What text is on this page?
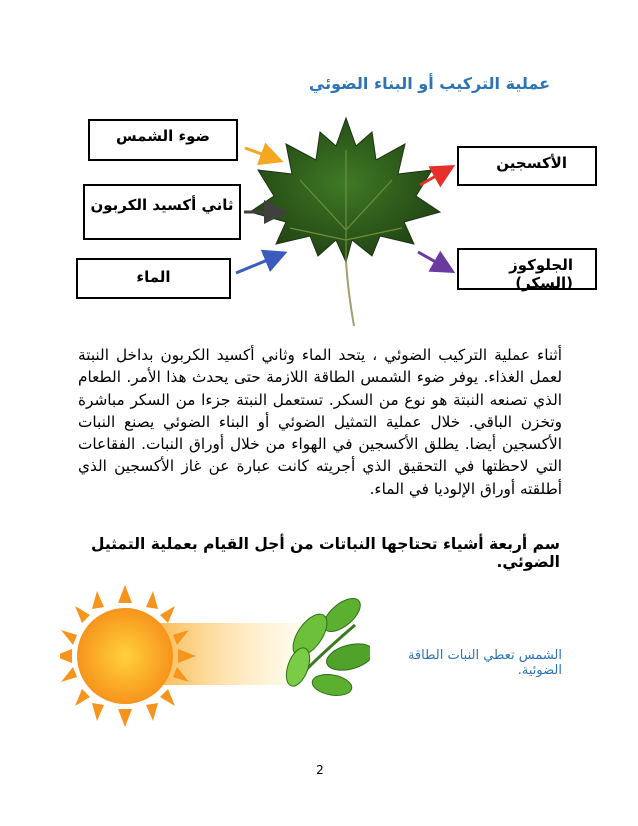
عملية التركيب أو البناء الضوئي
ضوء الشمس
ثاني أكسيد الكربون
الماء
الأكسجين
الجلوكوز (السكر)
أثناء عملية التركيب الضوئي ، يتحد الماء وثاني أكسيد الكربون بداخل النبتة لعمل الغذاء. يوفر ضوء الشمس الطاقة اللازمة حتى يحدث هذا الأمر. الطعام الذي تصنعه النبتة هو نوع من السكر. تستعمل النبتة جزءا من السكر مباشرة وتخزن الباقي. خلال عملية التمثيل الضوئي أو البناء الضوئي يصنع النبات الأكسجين أيضا. يطلق الأكسجين في الهواء من خلال أوراق النبات. الفقاعات التي لاحظتها في التحقيق الذي أجريته كانت عبارة عن غاز الأكسجين الذي أطلقته أوراق الإلوديا في الماء.
سم أربعة أشياء تحتاجها النباتات من أجل القيام بعملية التمثيل الضوئي.
الشمس تعطي النبات الطاقة الضوئية.
2
